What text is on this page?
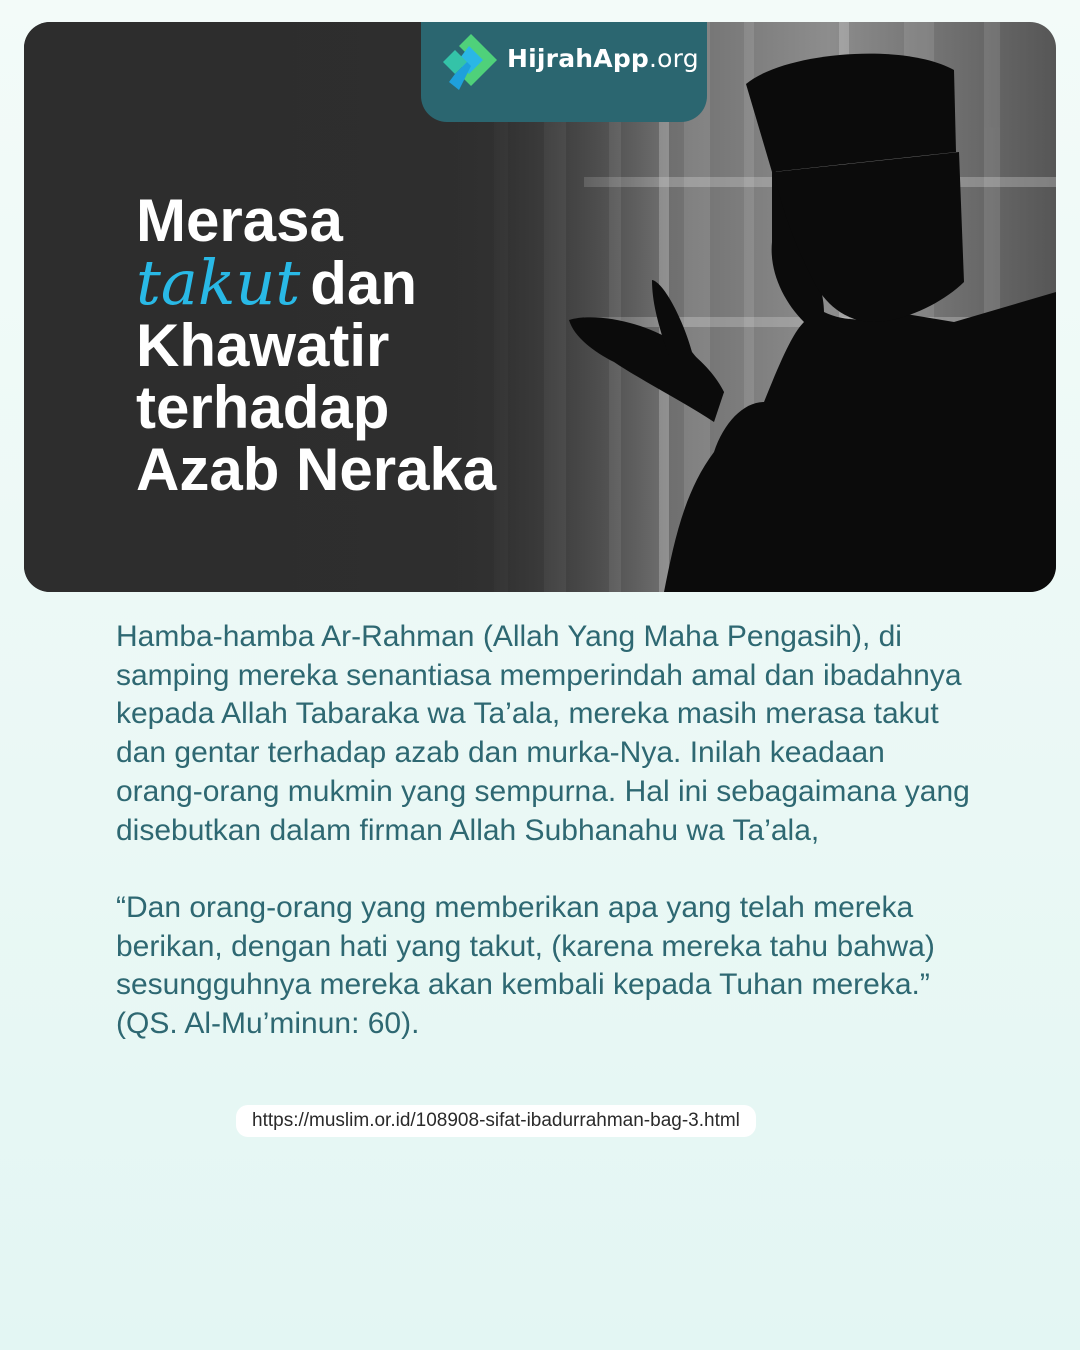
HijrahApp.org
Merasa
takut dan
Khawatir
terhadap
Azab Neraka

Hamba-hamba Ar-Rahman (Allah Yang Maha Pengasih), di samping mereka senantiasa memperindah amal dan ibadahnya kepada Allah Tabaraka wa Ta’ala, mereka masih merasa takut dan gentar terhadap azab dan murka-Nya. Inilah keadaan orang-orang mukmin yang sempurna. Hal ini sebagaimana yang disebutkan dalam firman Allah Subhanahu wa Ta’ala,

“Dan orang-orang yang memberikan apa yang telah mereka berikan, dengan hati yang takut, (karena mereka tahu bahwa) sesungguhnya mereka akan kembali kepada Tuhan mereka.” (QS. Al-Mu’minun: 60).

https://muslim.or.id/108908-sifat-ibadurrahman-bag-3.html
